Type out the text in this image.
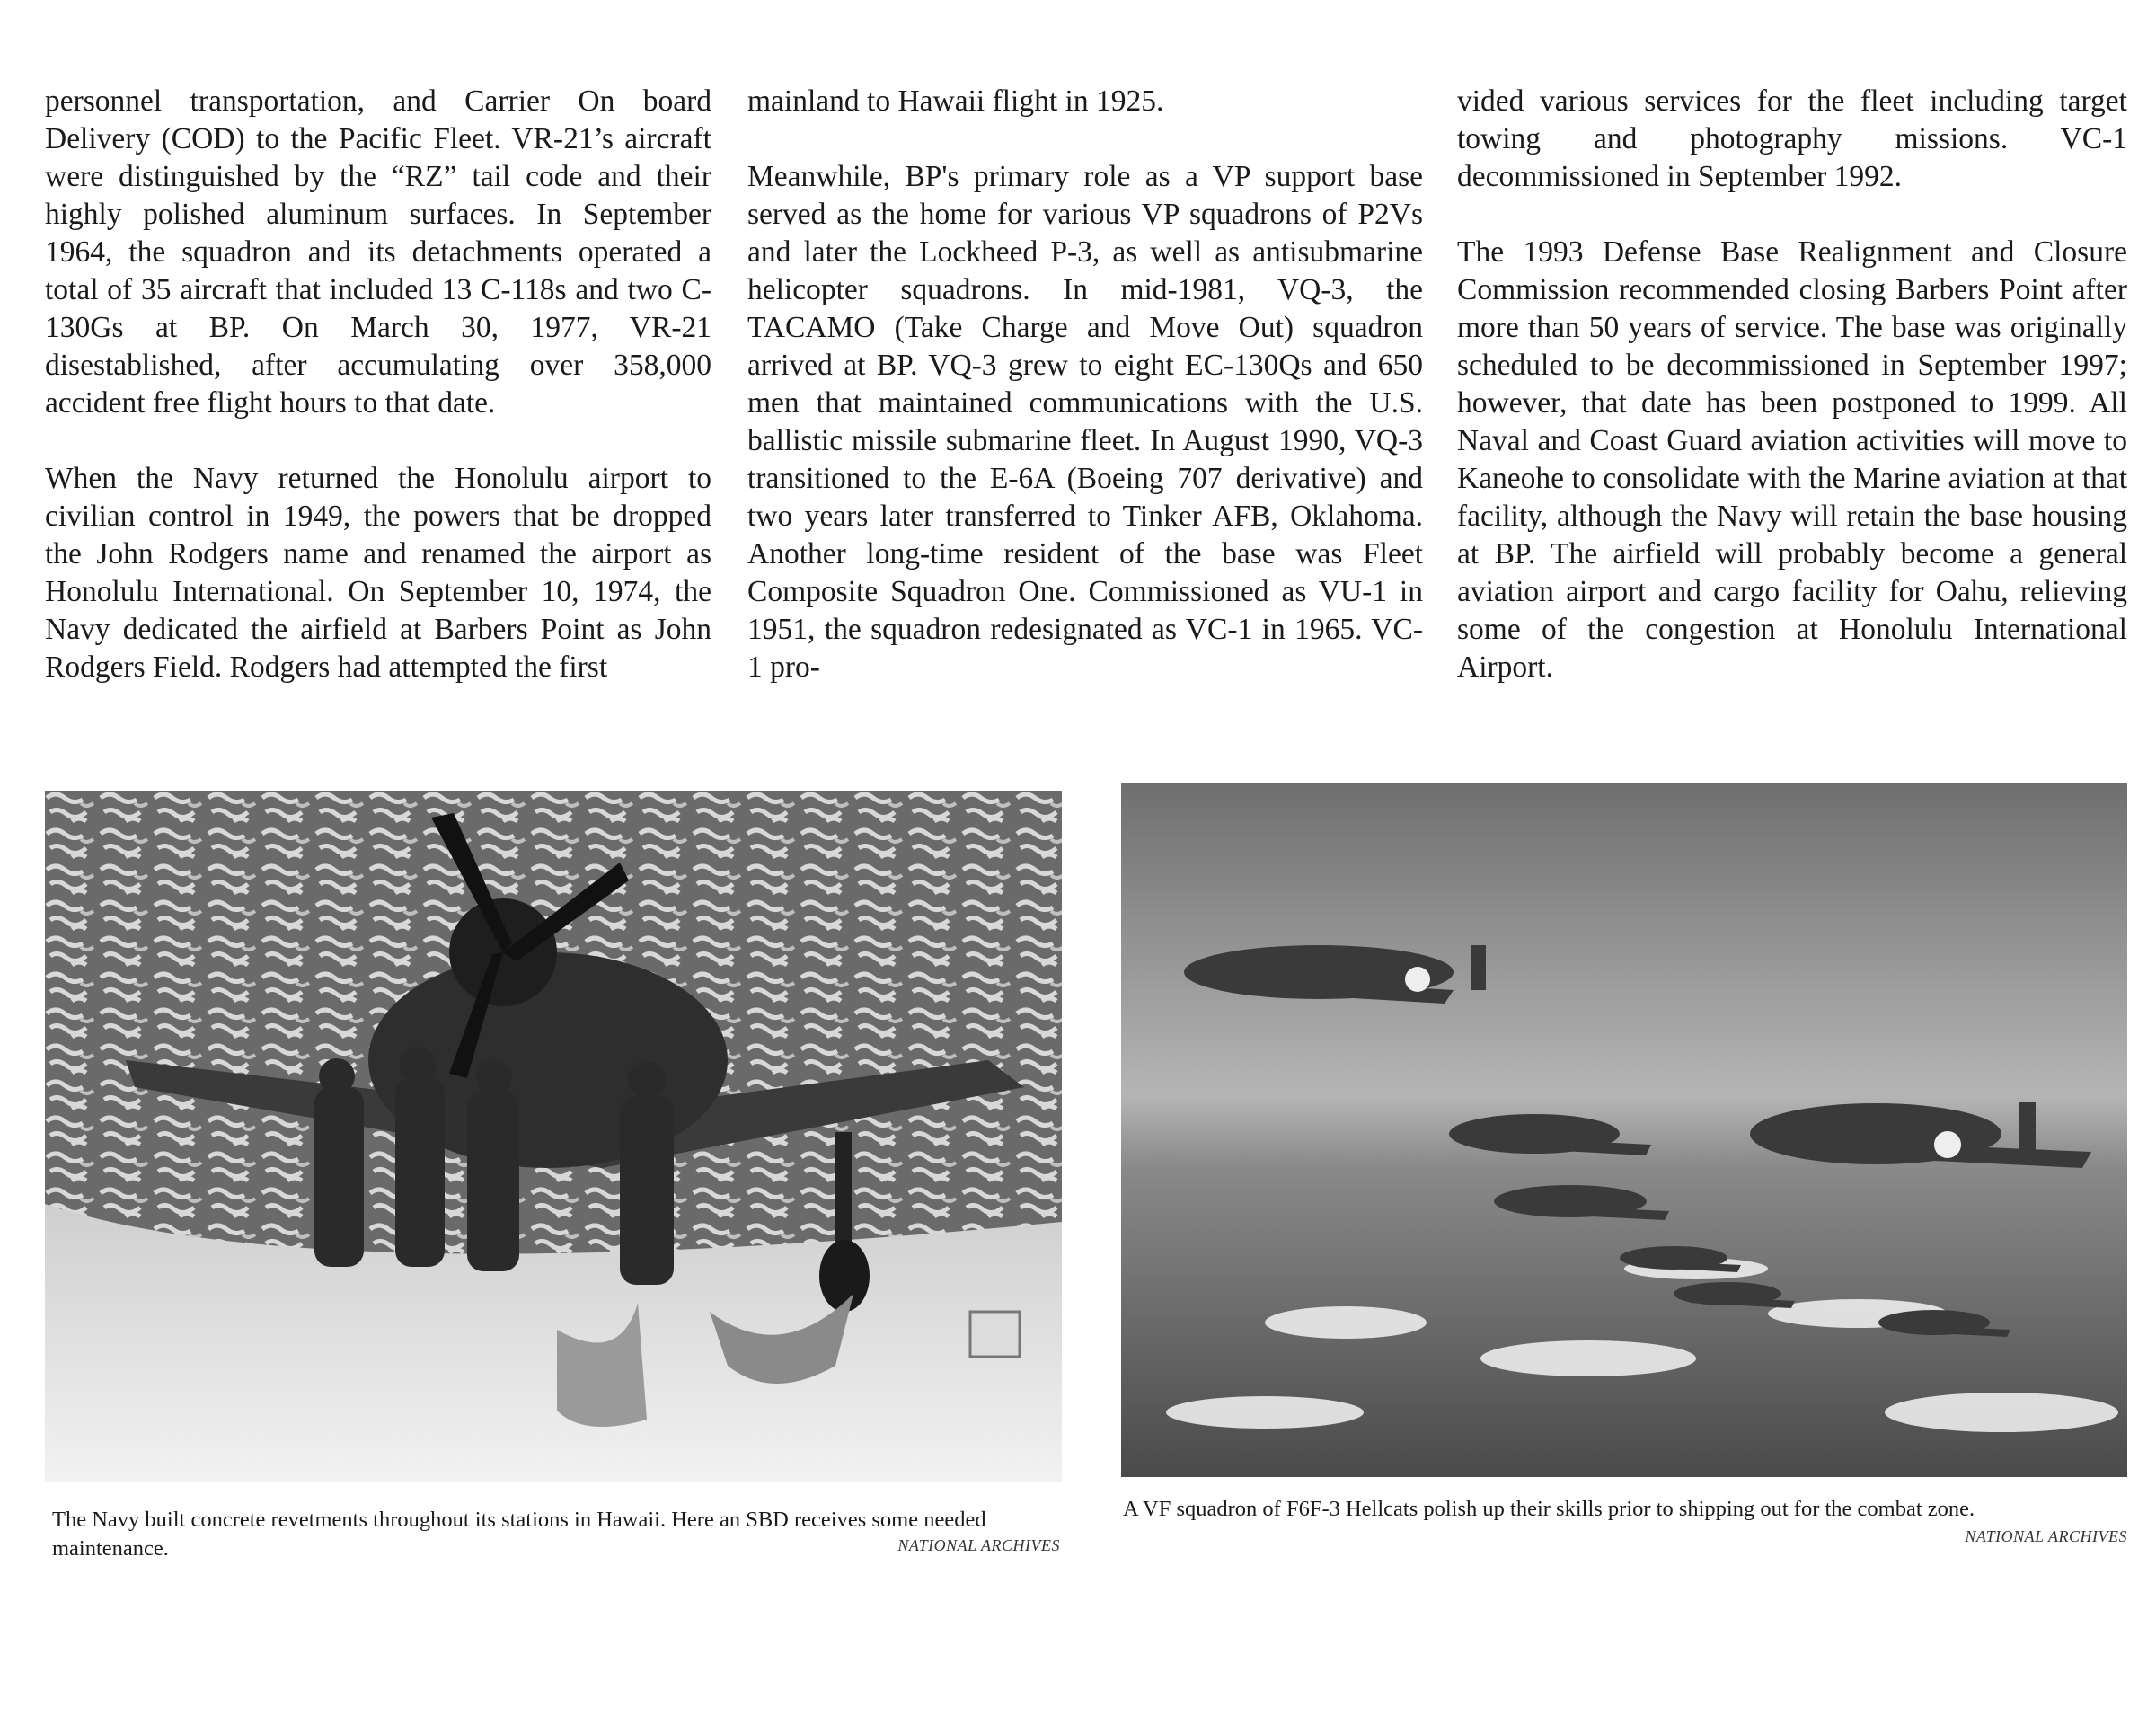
personnel transportation, and Carrier On board Delivery (COD) to the Pacific Fleet. VR-21’s aircraft were distinguished by the “RZ” tail code and their highly polished aluminum surfaces. In September 1964, the squadron and its detachments operated a total of 35 aircraft that included 13 C-118s and two C-130Gs at BP. On March 30, 1977, VR-21 disestablished, after accumulating over 358,000 accident free flight hours to that date.

When the Navy returned the Honolulu airport to civilian control in 1949, the powers that be dropped the John Rodgers name and renamed the airport as Honolulu International. On September 10, 1974, the Navy dedicated the airfield at Barbers Point as John Rodgers Field. Rodgers had attempted the first

mainland to Hawaii flight in 1925.

Meanwhile, BP's primary role as a VP support base served as the home for various VP squadrons of P2Vs and later the Lockheed P-3, as well as antisubmarine helicopter squadrons. In mid-1981, VQ-3, the TACAMO (Take Charge and Move Out) squadron arrived at BP. VQ-3 grew to eight EC-130Qs and 650 men that maintained communications with the U.S. ballistic missile submarine fleet. In August 1990, VQ-3 transitioned to the E-6A (Boeing 707 derivative) and two years later transferred to Tinker AFB, Oklahoma. Another long-time resident of the base was Fleet Composite Squadron One. Commissioned as VU-1 in 1951, the squadron redesignated as VC-1 in 1965. VC-1 pro-

vided various services for the fleet including target towing and photography missions. VC-1 decommissioned in September 1992.

The 1993 Defense Base Realignment and Closure Commission recommended closing Barbers Point after more than 50 years of service. The base was originally scheduled to be decommissioned in September 1997; however, that date has been postponed to 1999. All Naval and Coast Guard aviation activities will move to Kaneohe to consolidate with the Marine aviation at that facility, although the Navy will retain the base housing at BP. The airfield will probably become a general aviation airport and cargo facility for Oahu, relieving some of the congestion at Honolulu International Airport.

The Navy built concrete revetments throughout its stations in Hawaii. Here an SBD receives some needed maintenance.	NATIONAL ARCHIVES
A VF squadron of F6F-3 Hellcats polish up their skills prior to shipping out for the combat zone.
NATIONAL ARCHIVES
